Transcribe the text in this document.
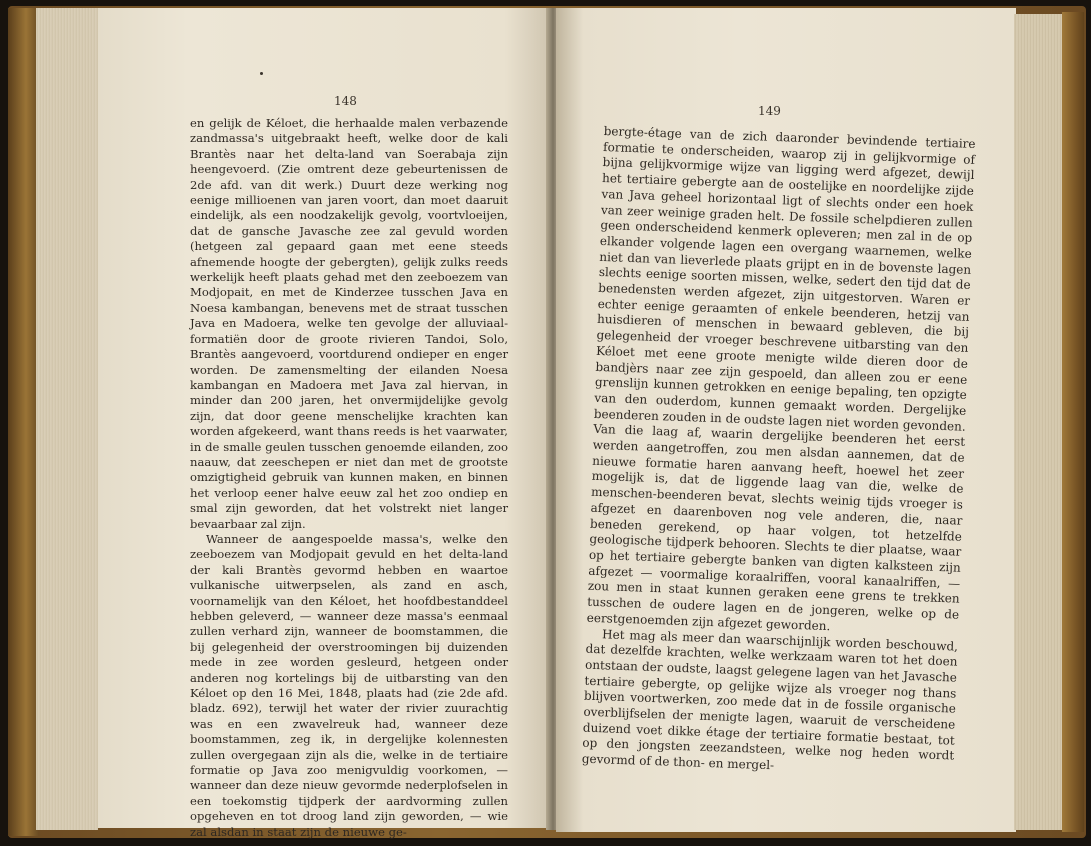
148

en gelijk de Kéloet, die herhaalde malen verbazende zandmassa's uitgebraakt heeft, welke door de kali Brantès naar het delta-land van Soerabaja zijn heengevoerd. (Zie omtrent deze gebeurtenissen de 2de afd. van dit werk.) Duurt deze werking nog eenige millioenen van jaren voort, dan moet daaruit eindelijk, als een noodzakelijk gevolg, voortvloeijen, dat de gansche Javasche zee zal gevuld worden (hetgeen zal gepaard gaan met eene steeds afnemende hoogte der gebergten), gelijk zulks reeds werkelijk heeft plaats gehad met den zeeboezem van Modjopait, en met de Kinderzee tusschen Java en Noesa kambangan, benevens met de straat tusschen Java en Madoera, welke ten gevolge der alluviaal-formatiën door de groote rivieren Tandoi, Solo, Brantès aangevoerd, voortdurend ondieper en enger worden. De zamensmelting der eilanden Noesa kambangan en Madoera met Java zal hiervan, in minder dan 200 jaren, het onvermijdelijke gevolg zijn, dat door geene menschelijke krachten kan worden afgekeerd, want thans reeds is het vaarwater, in de smalle geulen tusschen genoemde eilanden, zoo naauw, dat zeeschepen er niet dan met de grootste omzigtigheid gebruik van kunnen maken, en binnen het verloop eener halve eeuw zal het zoo ondiep en smal zijn geworden, dat het volstrekt niet langer bevaarbaar zal zijn.

Wanneer de aangespoelde massa's, welke den zeeboezem van Modjopait gevuld en het delta-land der kali Brantès gevormd hebben en waartoe vulkanische uitwerpselen, als zand en asch, voornamelijk van den Kéloet, het hoofdbestanddeel hebben geleverd, — wanneer deze massa's eenmaal zullen verhard zijn, wanneer de boomstammen, die bij gelegenheid der overstroomingen bij duizenden mede in zee worden gesleurd, hetgeen onder anderen nog kortelings bij de uitbarsting van den Kéloet op den 16 Mei, 1848, plaats had (zie 2de afd. bladz. 692), terwijl het water der rivier zuurachtig was en een zwavelreuk had, wanneer deze boomstammen, zeg ik, in dergelijke kolennesten zullen overgegaan zijn als die, welke in de tertiaire formatie op Java zoo menigvuldig voorkomen, — wanneer dan deze nieuw gevormde nederplofselen in een toekomstig tijdperk der aardvorming zullen opgeheven en tot droog land zijn geworden, — wie zal alsdan in staat zijn de nieuwe ge-

149

bergte-étage van de zich daaronder bevindende tertiaire formatie te onderscheiden, waarop zij in gelijkvormige of bijna gelijkvormige wijze van ligging werd afgezet, dewijl het tertiaire gebergte aan de oostelijke en noordelijke zijde van Java geheel horizontaal ligt of slechts onder een hoek van zeer weinige graden helt. De fossile schelpdieren zullen geen onderscheidend kenmerk opleveren; men zal in de op elkander volgende lagen een overgang waarnemen, welke niet dan van lieverlede plaats grijpt en in de bovenste lagen slechts eenige soorten missen, welke, sedert den tijd dat de benedensten werden afgezet, zijn uitgestorven. Waren er echter eenige geraamten of enkele beenderen, hetzij van huisdieren of menschen in bewaard gebleven, die bij gelegenheid der vroeger beschrevene uitbarsting van den Kéloet met eene groote menigte wilde dieren door de bandjèrs naar zee zijn gespoeld, dan alleen zou er eene grenslijn kunnen getrokken en eenige bepaling, ten opzigte van den ouderdom, kunnen gemaakt worden. Dergelijke beenderen zouden in de oudste lagen niet worden gevonden. Van die laag af, waarin dergelijke beenderen het eerst werden aangetroffen, zou men alsdan aannemen, dat de nieuwe formatie haren aanvang heeft, hoewel het zeer mogelijk is, dat de liggende laag van die, welke de menschen-beenderen bevat, slechts weinig tijds vroeger is afgezet en daarenboven nog vele anderen, die, naar beneden gerekend, op haar volgen, tot hetzelfde geologische tijdperk behooren. Slechts te dier plaatse, waar op het tertiaire gebergte banken van digten kalksteen zijn afgezet — voormalige koraalriffen, vooral kanaalriffen, — zou men in staat kunnen geraken eene grens te trekken tusschen de oudere lagen en de jongeren, welke op de eerstgenoemden zijn afgezet geworden.

Het mag als meer dan waarschijnlijk worden beschouwd, dat dezelfde krachten, welke werkzaam waren tot het doen ontstaan der oudste, laagst gelegene lagen van het Javasche tertiaire gebergte, op gelijke wijze als vroeger nog thans blijven voortwerken, zoo mede dat in de fossile organische overblijfselen der menigte lagen, waaruit de verscheidene duizend voet dikke étage der tertiaire formatie bestaat, tot op den jongsten zeezandsteen, welke nog heden wordt gevormd of de thon- en mergel-
